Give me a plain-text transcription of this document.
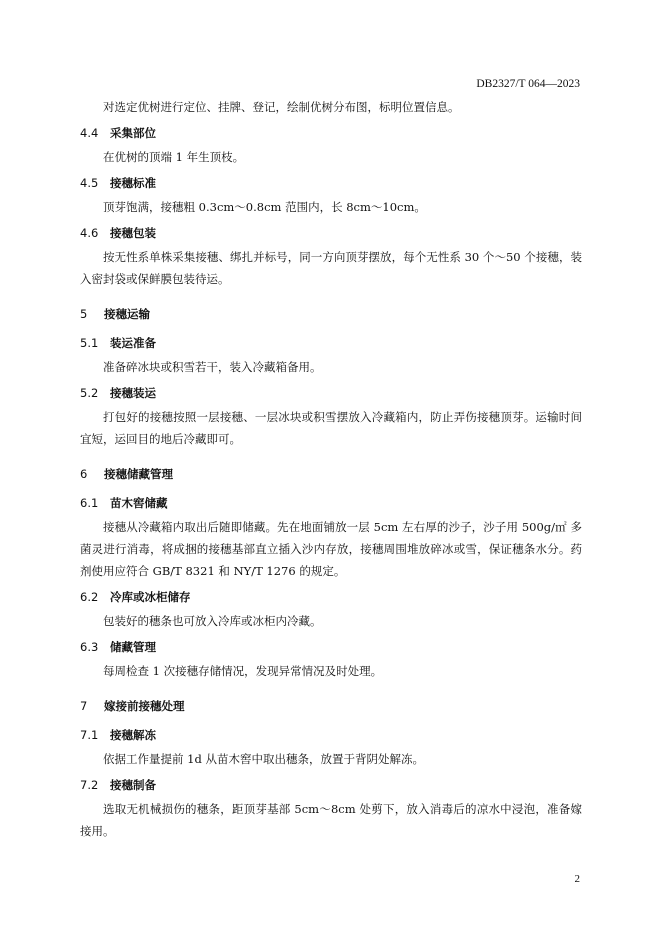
DB2327/T 064—2023

对选定优树进行定位、挂牌、登记，绘制优树分布图，标明位置信息。

4.4 采集部位

在优树的顶端 1 年生顶枝。

4.5 接穗标准

顶芽饱满，接穗粗 0.3cm～0.8cm 范围内，长 8cm～10cm。

4.6 接穗包装

按无性系单株采集接穗、绑扎并标号，同一方向顶芽摆放，每个无性系 30 个～50 个接穗，装入密封袋或保鲜膜包装待运。

5 接穗运输
5.1 装运准备

准备碎冰块或积雪若干，装入冷藏箱备用。

5.2 接穗装运

打包好的接穗按照一层接穗、一层冰块或积雪摆放入冷藏箱内，防止弄伤接穗顶芽。运输时间宜短，运回目的地后冷藏即可。

6 接穗储藏管理
6.1 苗木窖储藏

接穗从冷藏箱内取出后随即储藏。先在地面铺放一层 5cm 左右厚的沙子，沙子用 500g/㎡ 多菌灵进行消毒，将成捆的接穗基部直立插入沙内存放，接穗周围堆放碎冰或雪，保证穗条水分。药剂使用应符合 GB/T 8321 和 NY/T 1276 的规定。

6.2 冷库或冰柜储存

包装好的穗条也可放入冷库或冰柜内冷藏。

6.3 储藏管理

每周检查 1 次接穗存储情况，发现异常情况及时处理。

7 嫁接前接穗处理
7.1 接穗解冻

依据工作量提前 1d 从苗木窖中取出穗条，放置于背阴处解冻。

7.2 接穗制备

选取无机械损伤的穗条，距顶芽基部 5cm～8cm 处剪下，放入消毒后的凉水中浸泡，准备嫁接用。

2
